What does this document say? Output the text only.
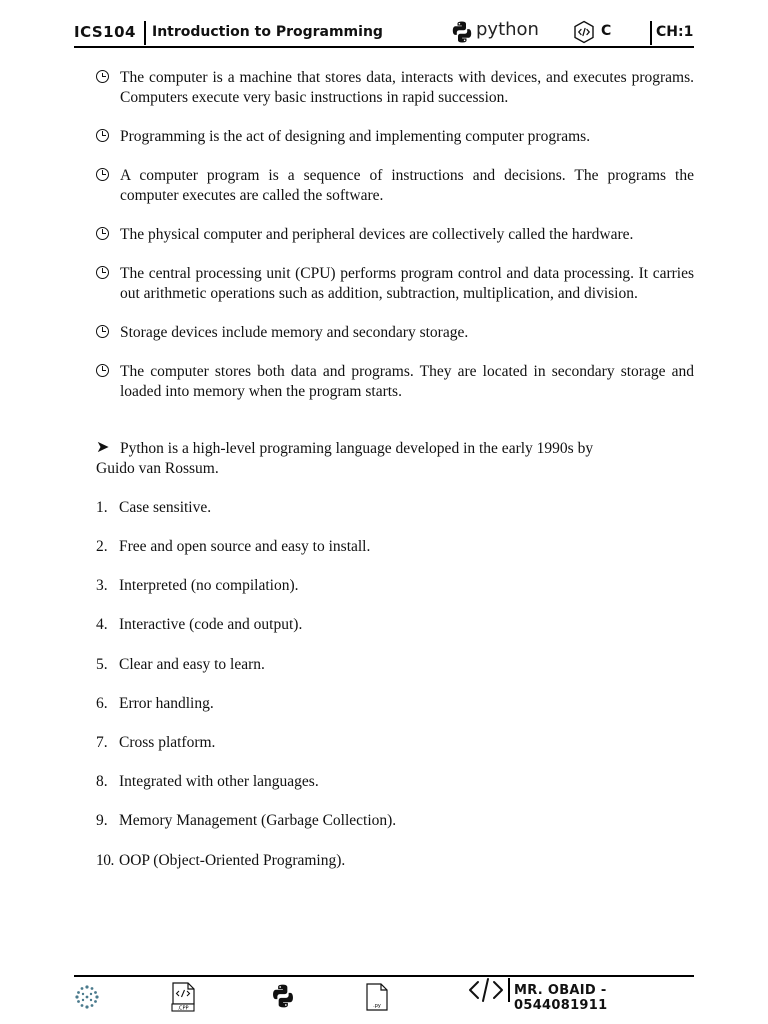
ICS104 Introduction to Programming	python	C	CH:1
The computer is a machine that stores data, interacts with devices, and executes programs. Computers execute very basic instructions in rapid succession.
Programming is the act of designing and implementing computer programs.
A computer program is a sequence of instructions and decisions. The programs the computer executes are called the software.
The physical computer and peripheral devices are collectively called the hardware.
The central processing unit (CPU) performs program control and data processing. It carries out arithmetic operations such as addition, subtraction, multiplication, and division.
Storage devices include memory and secondary storage.
The computer stores both data and programs. They are located in secondary storage and loaded into memory when the program starts.
➤ Python is a high-level programing language developed in the early 1990s by
Guido van Rossum.
1. Case sensitive.
2. Free and open source and easy to install.
3. Interpreted (no compilation).
4. Interactive (code and output).
5. Clear and easy to learn.
6. Error handling.
7. Cross platform.
8. Integrated with other languages.
9. Memory Management (Garbage Collection).
10. OOP (Object-Oriented Programing).
.CPP	.py
MR. OBAID - 0544081911
